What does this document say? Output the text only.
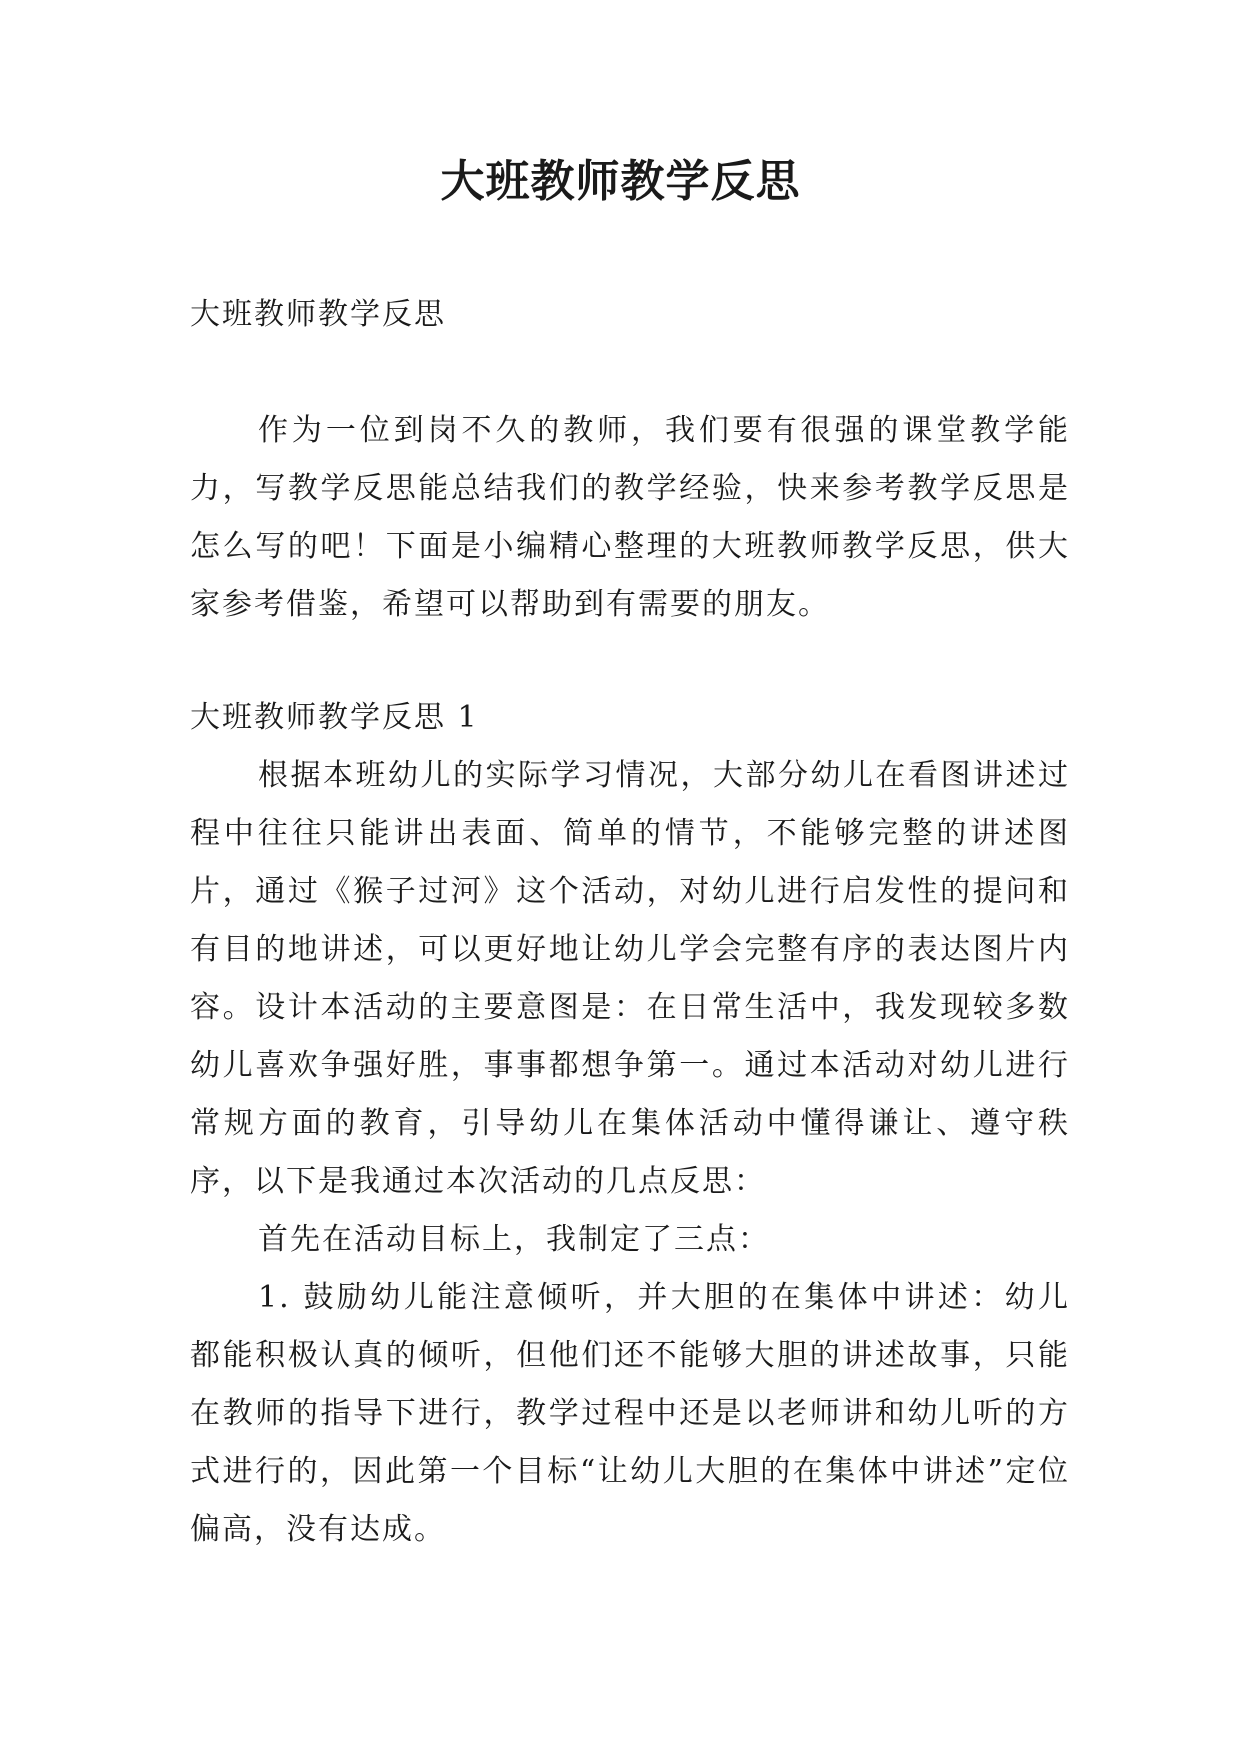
大班教师教学反思

大班教师教学反思

作为一位到岗不久的教师，我们要有很强的课堂教学能力，写教学反思能总结我们的教学经验，快来参考教学反思是怎么写的吧！下面是小编精心整理的大班教师教学反思，供大家参考借鉴，希望可以帮助到有需要的朋友。

大班教师教学反思 1

根据本班幼儿的实际学习情况，大部分幼儿在看图讲述过程中往往只能讲出表面、简单的情节，不能够完整的讲述图片，通过《猴子过河》这个活动，对幼儿进行启发性的提问和有目的地讲述，可以更好地让幼儿学会完整有序的表达图片内容。设计本活动的主要意图是：在日常生活中，我发现较多数幼儿喜欢争强好胜，事事都想争第一。通过本活动对幼儿进行常规方面的教育，引导幼儿在集体活动中懂得谦让、遵守秩序，以下是我通过本次活动的几点反思：

首先在活动目标上，我制定了三点：

1. 鼓励幼儿能注意倾听，并大胆的在集体中讲述：幼儿都能积极认真的倾听，但他们还不能够大胆的讲述故事，只能在教师的指导下进行，教学过程中还是以老师讲和幼儿听的方式进行的，因此第一个目标“让幼儿大胆的在集体中讲述”定位偏高，没有达成。
